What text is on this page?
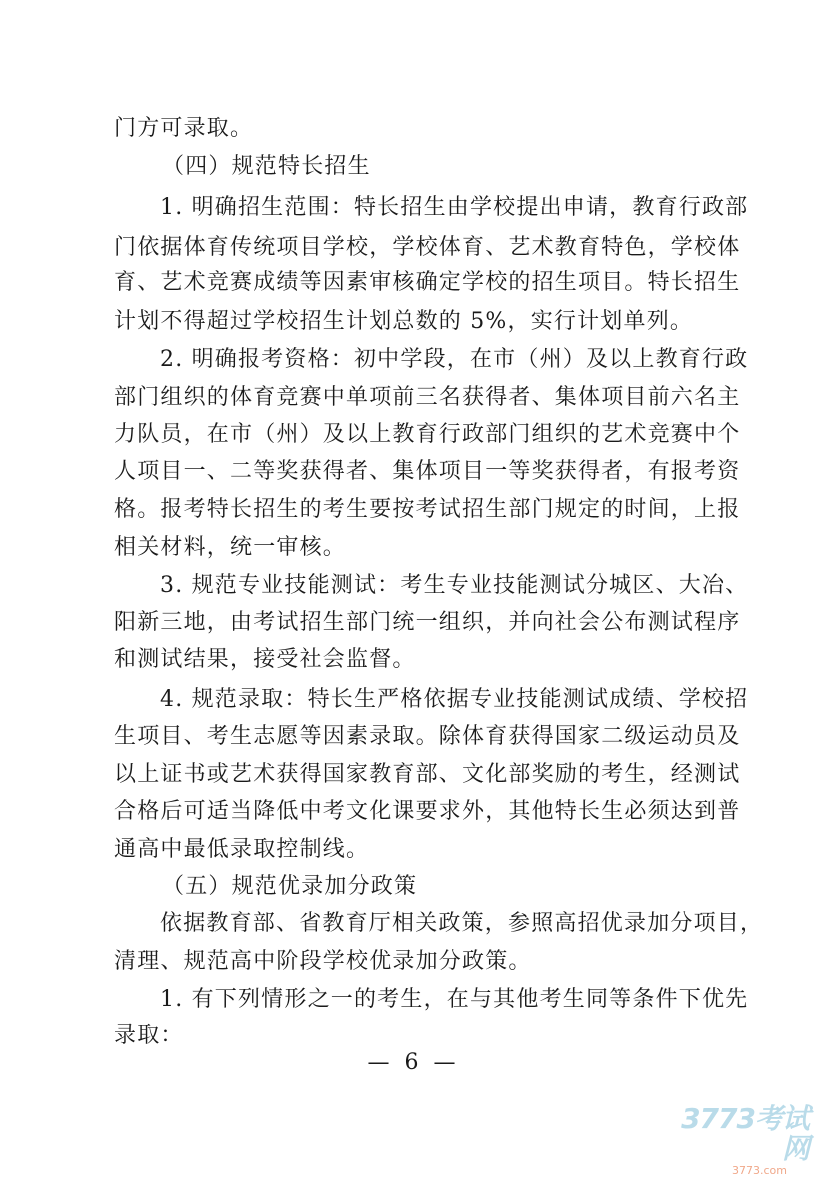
门方可录取。
（四）规范特长招生
1. 明确招生范围：特长招生由学校提出申请，教育行政部
门依据体育传统项目学校，学校体育、艺术教育特色，学校体
育、艺术竞赛成绩等因素审核确定学校的招生项目。特长招生
计划不得超过学校招生计划总数的 5%，实行计划单列。
2. 明确报考资格：初中学段，在市（州）及以上教育行政
部门组织的体育竞赛中单项前三名获得者、集体项目前六名主
力队员，在市（州）及以上教育行政部门组织的艺术竞赛中个
人项目一、二等奖获得者、集体项目一等奖获得者，有报考资
格。报考特长招生的考生要按考试招生部门规定的时间，上报
相关材料，统一审核。
3. 规范专业技能测试：考生专业技能测试分城区、大冶、
阳新三地，由考试招生部门统一组织，并向社会公布测试程序
和测试结果，接受社会监督。
4. 规范录取：特长生严格依据专业技能测试成绩、学校招
生项目、考生志愿等因素录取。除体育获得国家二级运动员及
以上证书或艺术获得国家教育部、文化部奖励的考生，经测试
合格后可适当降低中考文化课要求外，其他特长生必须达到普
通高中最低录取控制线。
（五）规范优录加分政策
依据教育部、省教育厅相关政策，参照高招优录加分项目，
清理、规范高中阶段学校优录加分政策。
1. 有下列情形之一的考生，在与其他考生同等条件下优先
录取：
— 6 —
3773考试网
3773.com
